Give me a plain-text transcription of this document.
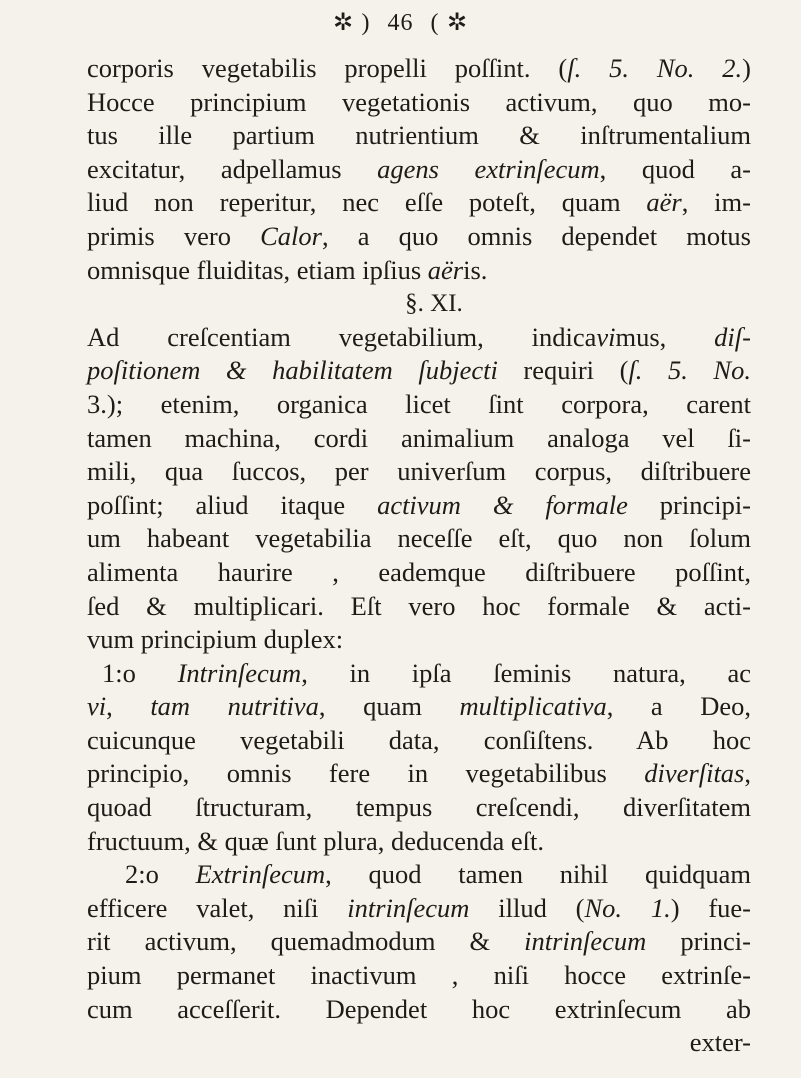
✲ ) 46 ( ✲
corporis vegetabilis propelli poſſint. (ſ. 5. No. 2.)
Hocce principium vegetationis activum, quo mo-
tus ille partium nutrientium & inſtrumentalium
excitatur, adpellamus agens extrinſecum, quod a-
liud non reperitur, nec eſſe poteſt, quam aër, im-
primis vero Calor, a quo omnis dependet motus
omnisque fluiditas, etiam ipſius aëris.
§. XI.
Ad creſcentiam vegetabilium, indicavimus, diſ-
poſitionem & habilitatem ſubjecti requiri (ſ. 5. No.
3.); etenim, organica licet ſint corpora, carent
tamen machina, cordi animalium analoga vel ſi-
mili, qua ſuccos, per univerſum corpus, diſtribuere
poſſint; aliud itaque activum & formale principi-
um habeant vegetabilia neceſſe eſt, quo non ſolum
alimenta haurire , eademque diſtribuere poſſint,
ſed & multiplicari. Eſt vero hoc formale & acti-
vum principium duplex:
1:o Intrinſecum, in ipſa ſeminis natura, ac
vi, tam nutritiva, quam multiplicativa, a Deo,
cuicunque vegetabili data, conſiſtens. Ab hoc
principio, omnis fere in vegetabilibus diverſitas,
quoad ſtructuram, tempus creſcendi, diverſitatem
fructuum, & quæ ſunt plura, deducenda eſt.
2:o Extrinſecum, quod tamen nihil quidquam
efficere valet, niſi intrinſecum illud (No. 1.) fue-
rit activum, quemadmodum & intrinſecum princi-
pium permanet inactivum , niſi hocce extrinſe-
cum acceſſerit. Dependet hoc extrinſecum ab
exter-
